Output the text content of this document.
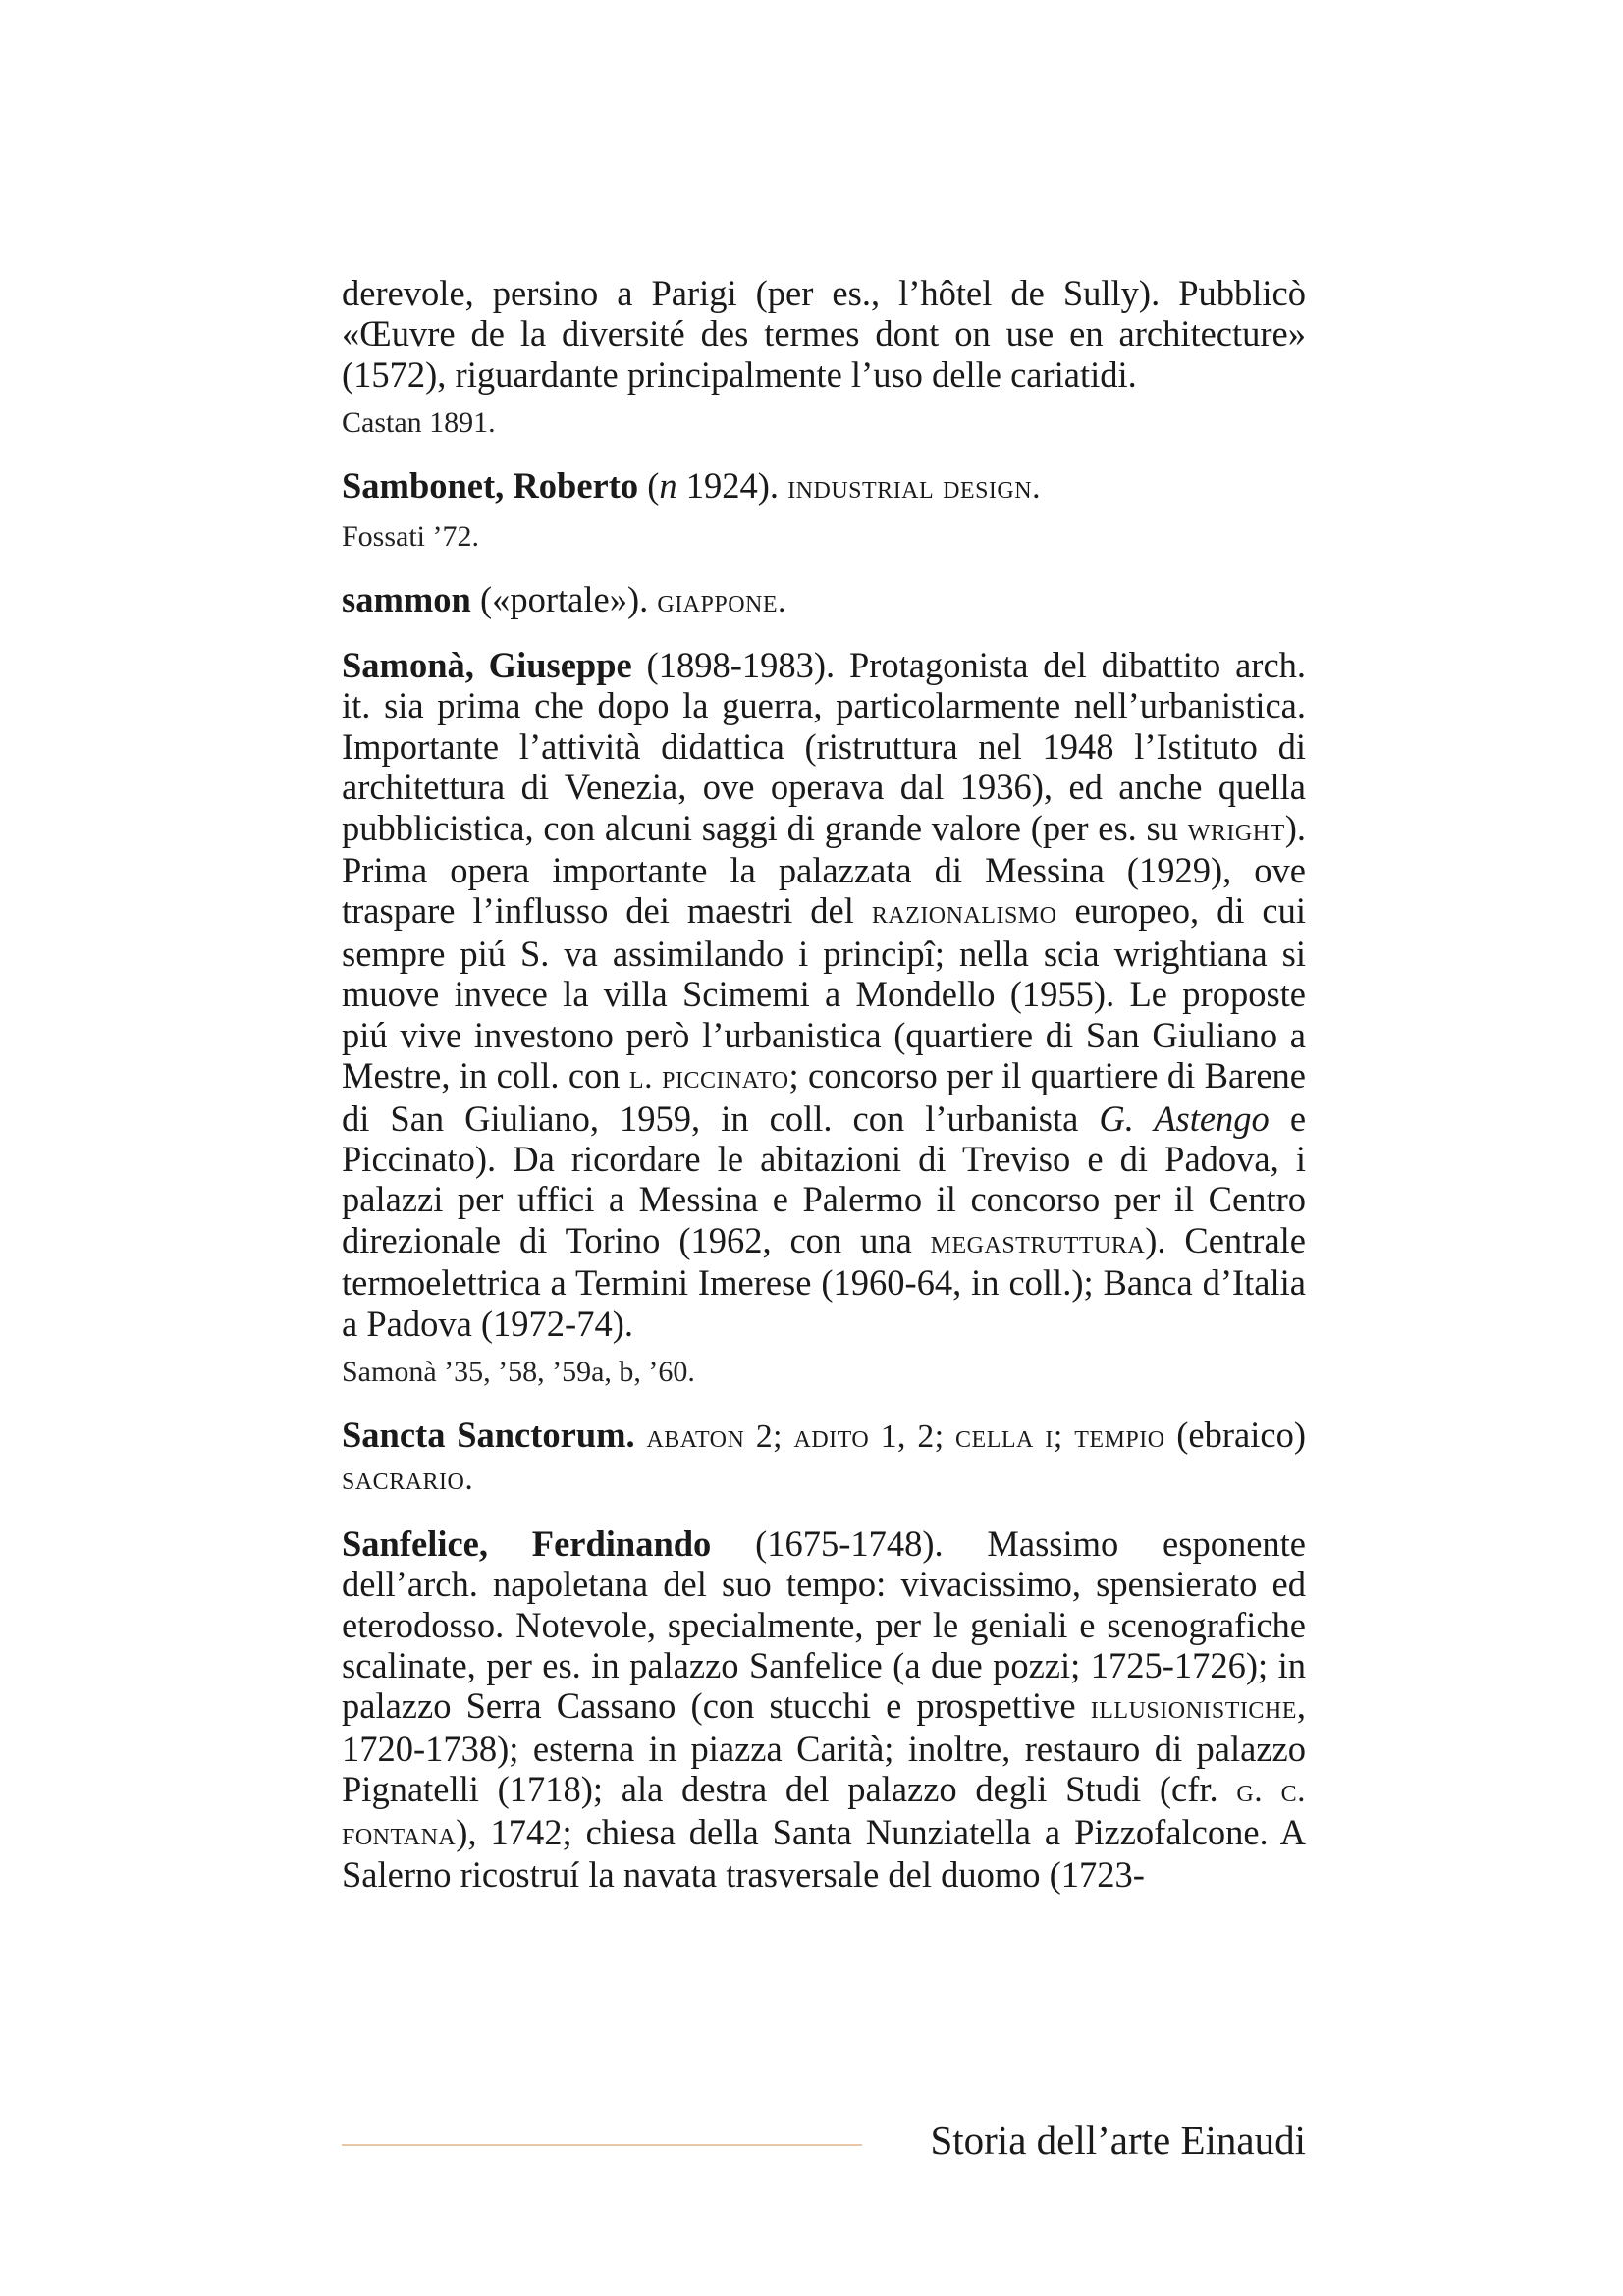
derevole, persino a Parigi (per es., l’hôtel de Sully). Pubblicò «Œuvre de la diversité des termes dont on use en architecture» (1572), riguardante principalmente l’uso delle cariatidi.

Castan 1891.

Sambonet, Roberto (n 1924). industrial design.

Fossati ’72.

sammon («portale»). giappone.

Samonà, Giuseppe (1898-1983). Protagonista del dibattito arch. it. sia prima che dopo la guerra, particolarmente nell’urbanistica. Importante l’attività didattica (ristruttura nel 1948 l’Istituto di architettura di Venezia, ove operava dal 1936), ed anche quella pubblicistica, con alcuni saggi di grande valore (per es. su wright). Prima opera importante la palazzata di Messina (1929), ove traspare l’influsso dei maestri del razionalismo europeo, di cui sempre piú S. va assimilando i principî; nella scia wrightiana si muove invece la villa Scimemi a Mondello (1955). Le proposte piú vive investono però l’urbanistica (quartiere di San Giuliano a Mestre, in coll. con l. piccinato; concorso per il quartiere di Barene di San Giuliano, 1959, in coll. con l’urbanista G. Astengo e Piccinato). Da ricordare le abitazioni di Treviso e di Padova, i palazzi per uffici a Messina e Palermo il concorso per il Centro direzionale di Torino (1962, con una megastruttura). Centrale termoelettrica a Termini Imerese (1960-64, in coll.); Banca d’Italia a Padova (1972-74).

Samonà ’35, ’58, ’59a, b, ’60.

Sancta Sanctorum. abaton 2; adito 1, 2; cella i; tempio (ebraico) sacrario.

Sanfelice, Ferdinando (1675-1748). Massimo esponente dell’arch. napoletana del suo tempo: vivacissimo, spensierato ed eterodosso. Notevole, specialmente, per le geniali e scenografiche scalinate, per es. in palazzo Sanfelice (a due pozzi; 1725-1726); in palazzo Serra Cassano (con stucchi e prospettive illusionistiche, 1720-1738); esterna in piazza Carità; inoltre, restauro di palazzo Pignatelli (1718); ala destra del palazzo degli Studi (cfr. g. c. fontana), 1742; chiesa della Santa Nunziatella a Pizzofalcone. A Salerno ricostruí la navata trasversale del duomo (1723-

Storia dell’arte Einaudi
